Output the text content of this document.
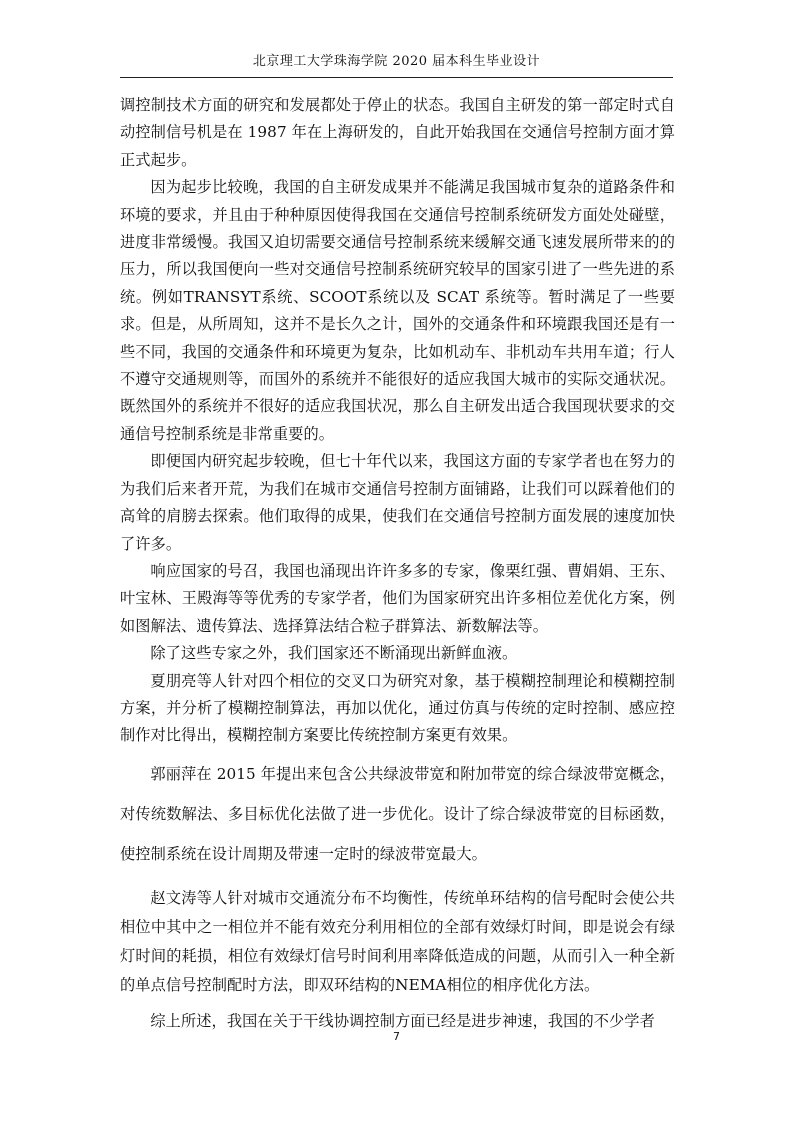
北京理工大学珠海学院 2020 届本科生毕业设计

调控制技术方面的研究和发展都处于停止的状态。我国自主研发的第一部定时式自动控制信号机是在 1987 年在上海研发的，自此开始我国在交通信号控制方面才算正式起步。

因为起步比较晚，我国的自主研发成果并不能满足我国城市复杂的道路条件和环境的要求，并且由于种种原因使得我国在交通信号控制系统研发方面处处碰壁，进度非常缓慢。我国又迫切需要交通信号控制系统来缓解交通飞速发展所带来的的压力，所以我国便向一些对交通信号控制系统研究较早的国家引进了一些先进的系统。例如TRANSYT系统、SCOOT系统以及 SCAT 系统等。暂时满足了一些要求。但是，从所周知，这并不是长久之计，国外的交通条件和环境跟我国还是有一些不同，我国的交通条件和环境更为复杂，比如机动车、非机动车共用车道；行人不遵守交通规则等，而国外的系统并不能很好的适应我国大城市的实际交通状况。既然国外的系统并不很好的适应我国状况，那么自主研发出适合我国现状要求的交通信号控制系统是非常重要的。

即便国内研究起步较晚，但七十年代以来，我国这方面的专家学者也在努力的为我们后来者开荒，为我们在城市交通信号控制方面铺路，让我们可以踩着他们的高耸的肩膀去探索。他们取得的成果，使我们在交通信号控制方面发展的速度加快了许多。

响应国家的号召，我国也涌现出许许多多的专家，像栗红强、曹娟娟、王东、叶宝林、王殿海等等优秀的专家学者，他们为国家研究出许多相位差优化方案，例如图解法、遗传算法、选择算法结合粒子群算法、新数解法等。

除了这些专家之外，我们国家还不断涌现出新鲜血液。

夏朋亮等人针对四个相位的交叉口为研究对象，基于模糊控制理论和模糊控制方案，并分析了模糊控制算法，再加以优化，通过仿真与传统的定时控制、感应控制作对比得出，模糊控制方案要比传统控制方案更有效果。

郭丽萍在 2015 年提出来包含公共绿波带宽和附加带宽的综合绿波带宽概念，对传统数解法、多目标优化法做了进一步优化。设计了综合绿波带宽的目标函数，使控制系统在设计周期及带速一定时的绿波带宽最大。

赵文涛等人针对城市交通流分布不均衡性，传统单环结构的信号配时会使公共相位中其中之一相位并不能有效充分利用相位的全部有效绿灯时间，即是说会有绿灯时间的耗损，相位有效绿灯信号时间利用率降低造成的问题，从而引入一种全新的单点信号控制配时方法，即双环结构的NEMA相位的相序优化方法。

综上所述，我国在关于干线协调控制方面已经是进步神速，我国的不少学者

7
